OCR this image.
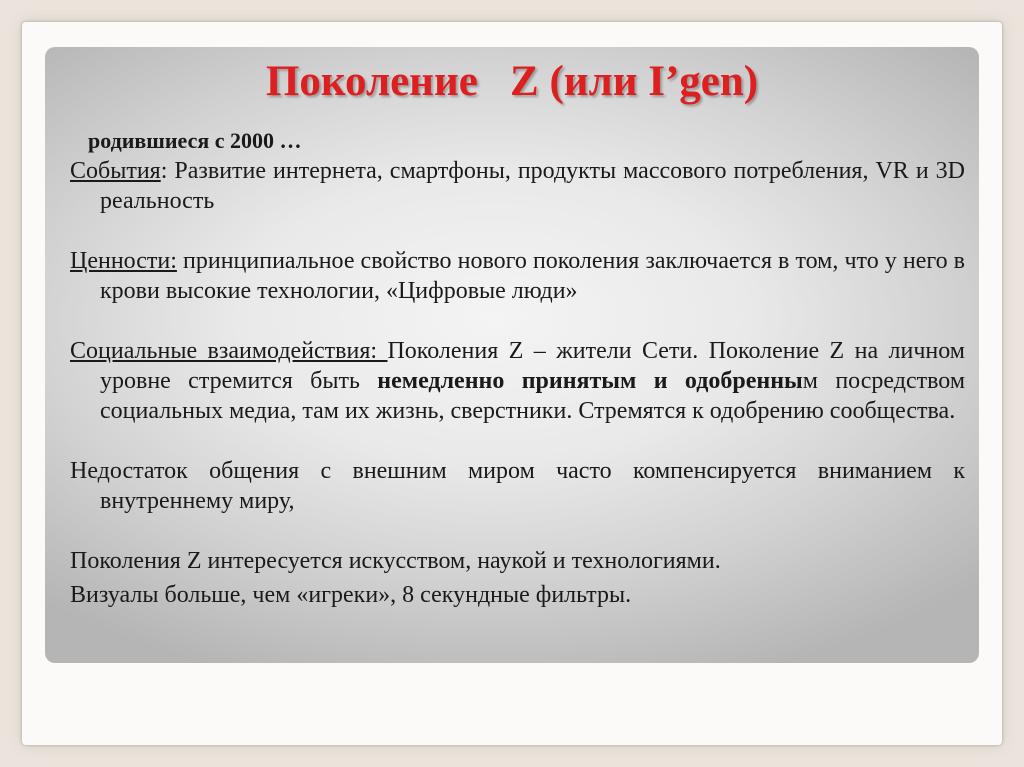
Поколение   Z (или I’gen)

родившиеся с 2000 …

События: Развитие интернета, смартфоны, продукты массового потребления, VR и 3D реальность

Ценности: принципиальное свойство нового поколения заключается в том, что у него в крови высокие технологии, «Цифровые люди»

Социальные взаимодействия: Поколения Z – жители Сети. Поколение Z на личном уровне стремится быть немедленно принятым и одобренным посредством социальных медиа, там их жизнь, сверстники. Стремятся к одобрению сообщества.

Недостаток общения с внешним миром часто компенсируется вниманием к внутреннему миру,

Поколения Z интересуется искусством, наукой и технологиями.

Визуалы больше, чем «игреки», 8 секундные фильтры.
